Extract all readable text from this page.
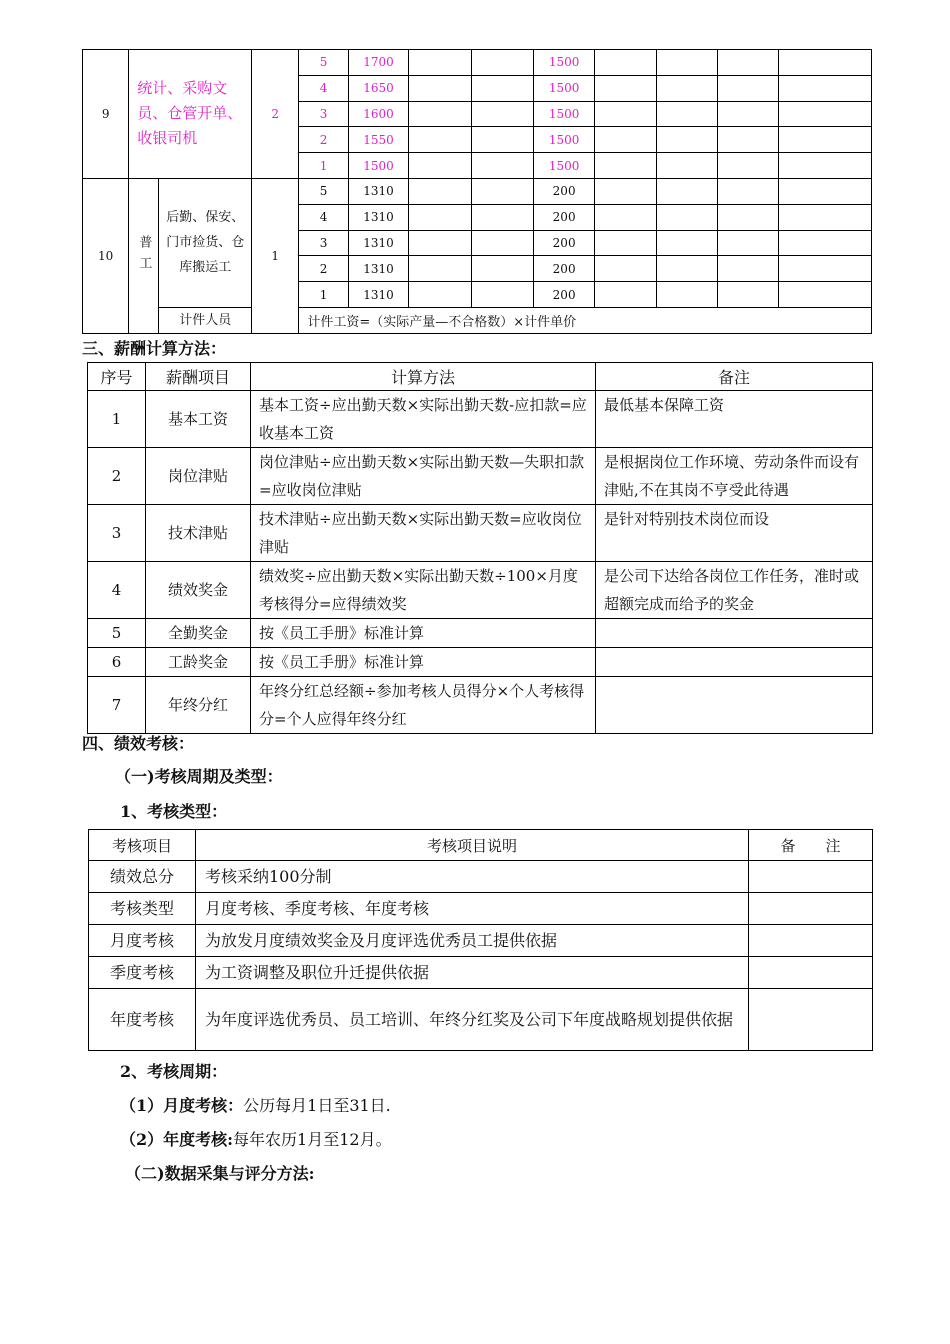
9	统计、采购文员、仓管开单、收银司机		2	5	1700			1500				
				4	1650			1500				
				3	1600			1500				
				2	1550			1500				
				1	1500			1500				
10	普工	后勤、保安、门市捡货、仓库搬运工	1	5	1310			200				
				4	1310			200				
				3	1310			200				
				2	1310			200				
				1	1310			200				
		计件人员		计件工资=（实际产量—不合格数）×计件单价								
三、薪酬计算方法：
序号	薪酬项目	计算方法	备注
1	基本工资	基本工资÷应出勤天数×实际出勤天数-应扣款=应收基本工资	最低基本保障工资
2	岗位津贴	岗位津贴÷应出勤天数×实际出勤天数—失职扣款=应收岗位津贴	是根据岗位工作环境、劳动条件而设有津贴,不在其岗不亨受此待遇
3	技术津贴	技术津贴÷应出勤天数×实际出勤天数=应收岗位津贴	是针对特别技术岗位而设
4	绩效奖金	绩效奖÷应出勤天数×实际出勤天数÷100×月度考核得分=应得绩效奖	是公司下达给各岗位工作任务，准时或超额完成而给予的奖金
5	全勤奖金	按《员工手册》标准计算	
6	工龄奖金	按《员工手册》标准计算	
7	年终分红	年终分红总经额÷参加考核人员得分×个人考核得分=个人应得年终分红	
四、绩效考核：
（一)考核周期及类型：
1、考核类型：
考核项目	考核项目说明	备　　注
绩效总分	考核采纳100分制	
考核类型	月度考核、季度考核、年度考核	
月度考核	为放发月度绩效奖金及月度评选优秀员工提供依据	
季度考核	为工资调整及职位升迁提供依据	
年度考核	为年度评选优秀员、员工培训、年终分红奖及公司下年度战略规划提供依据	
2、考核周期：

（1）月度考核：公历每月1日至31日.

（2）年度考核:每年农历1月至12月。

（二)数据采集与评分方法:
